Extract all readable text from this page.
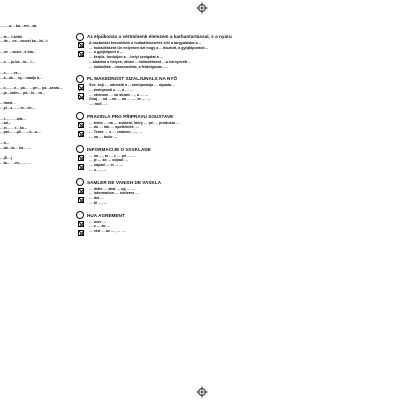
…, …a… ba…ere…ak
…te… Lahtik
…de… ne…zuzzel ka…bt…t
…ne …zuzzl…k bta…
…s. …ja ba…ia… l…
…e… …ez…
…a…ak… ny…ndalja b…
…s… …n… pa… …pri… pa…arxas…
…ja…ladin… pa…ki… ta…
…hand…
…pl…s… …ln…sh…
…t…… …zda…
…ad…
…el… …r…ka…
…pal… …pli… …b…a…
…d…
…ab…ia… ka… …
…(S…)
…ta… …es…… …
Az elpűkonás a vértmínenk elemzem a karbantartással, s a nyáru
A háztartási készülékek a hulladékkezelés elől a tárgyalásba a…
… hulladékként Ön helyesen azt hogy a …hisztott, a gyűjtőpontok…
… a gyűjtőpont a …
… kérjük, forduljon a …helyi szolgálat a …
…alakítsa a helyes, útban …hulladékként …a környezeti…
… hulladéka …hasznosítás, a feldolgozás ….
PL MAKEDNOST SIZALJUNALS NA NYŐ
Sve, koji … odnositi a …zbrinjavanja … otpada…
… zbrinjavati u …, a … …
… stranom … sa strane …, a … …
Ovaj … od …sa … na … …, te … …
…, radi … .
PRAVIDLA PRO PŘIPRAVU SOUSTAVE
… tento … na … znakem, ktery … pri … produktu …
… do … tak … spotřebiče, …
… Tento … s … znakem, …, …
… na … bude …
INFORMACIJE O VASKLADE
… na …, to … z … pri … …
… je … za … odpad …
… odpad … in … …
… o …, …
SAMLER DE VANISH DE VASKLA
… dette … skal … og … …
… information … sorteres …
… det …
… til …, …
HUA AGREMENT
… over …
… s … av …
… ved … av …, … …
